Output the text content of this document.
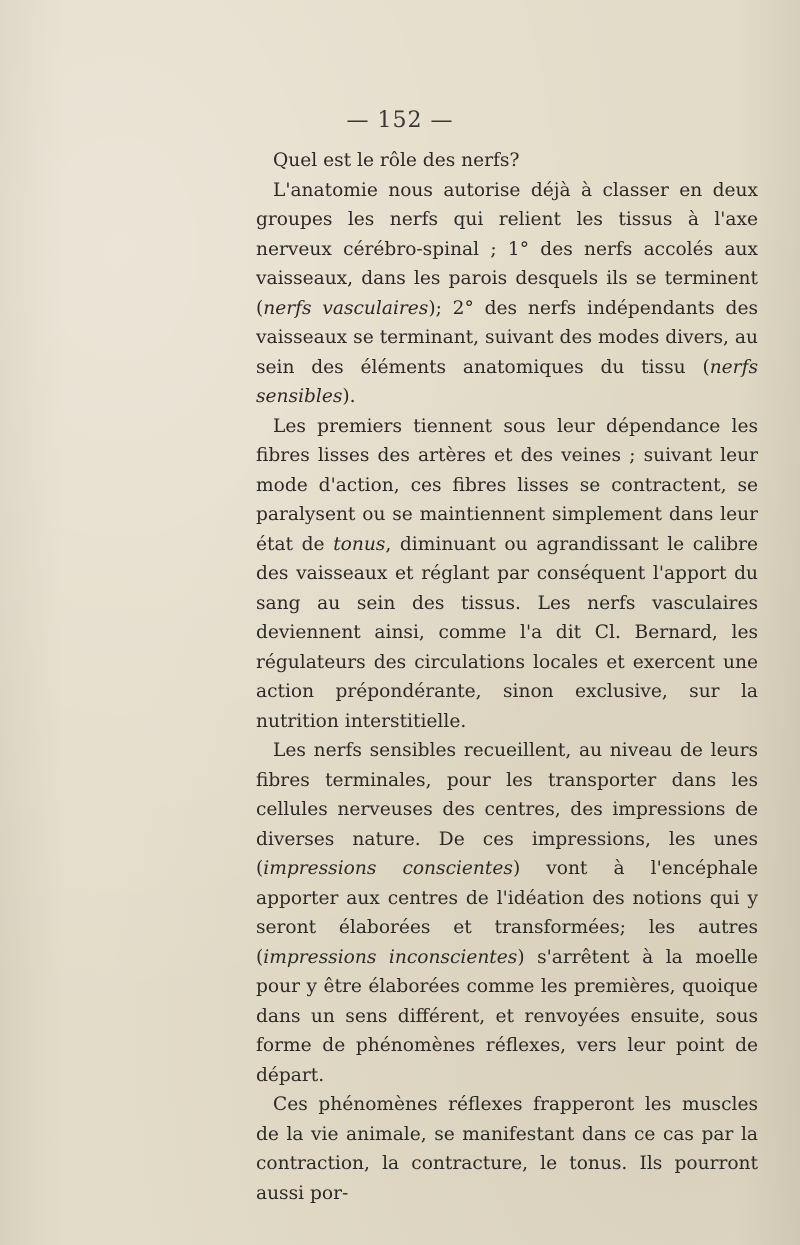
— 152 —

Quel est le rôle des nerfs?

L'anatomie nous autorise déjà à classer en deux groupes les nerfs qui relient les tissus à l'axe nerveux cérébro-spinal ; 1° des nerfs accolés aux vaisseaux, dans les parois desquels ils se terminent (nerfs vasculaires); 2° des nerfs indépendants des vaisseaux se terminant, suivant des modes divers, au sein des éléments anatomiques du tissu (nerfs sensibles).

Les premiers tiennent sous leur dépendance les fibres lisses des artères et des veines ; suivant leur mode d'action, ces fibres lisses se contractent, se paralysent ou se maintiennent simplement dans leur état de tonus, diminuant ou agrandissant le calibre des vaisseaux et réglant par conséquent l'apport du sang au sein des tissus. Les nerfs vasculaires deviennent ainsi, comme l'a dit Cl. Bernard, les régulateurs des circulations locales et exercent une action prépondérante, sinon exclusive, sur la nutrition interstitielle.

Les nerfs sensibles recueillent, au niveau de leurs fibres terminales, pour les transporter dans les cellules nerveuses des centres, des impressions de diverses nature. De ces impressions, les unes (impressions conscientes) vont à l'encéphale apporter aux centres de l'idéation des notions qui y seront élaborées et transformées; les autres (impressions inconscientes) s'arrêtent à la moelle pour y être élaborées comme les premières, quoique dans un sens différent, et renvoyées ensuite, sous forme de phénomènes réflexes, vers leur point de départ.

Ces phénomènes réflexes frapperont les muscles de la vie animale, se manifestant dans ce cas par la contraction, la contracture, le tonus. Ils pourront aussi por-
